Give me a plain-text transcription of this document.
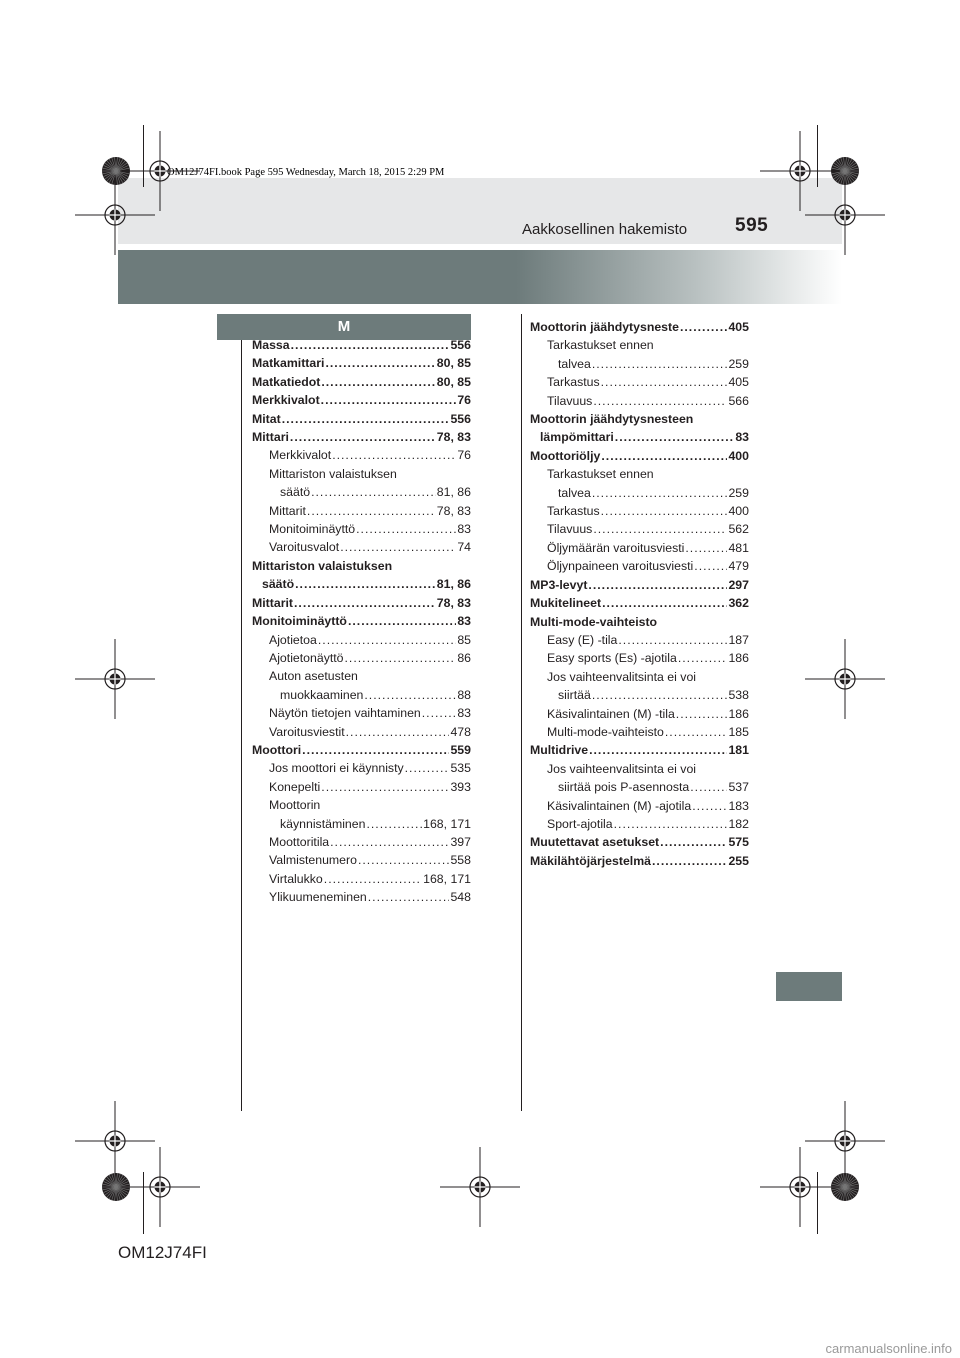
OM12J74FI.book Page 595 Wednesday, March 18, 2015 2:29 PM
Aakkosellinen hakemisto	595
M
Massa .....	556
Matkamittari .....	80, 85
Matkatiedot .....	80, 85
Merkkivalot .....	76
Mitat .....	556
Mittari .....	78, 83
Merkkivalot .....	76
Mittariston valaistuksen
säätö .....	81, 86
Mittarit .....	78, 83
Monitoiminäyttö .....	83
Varoitusvalot .....	74
Mittariston valaistuksen
säätö .....	81, 86
Mittarit .....	78, 83
Monitoiminäyttö .....	83
Ajotietoa .....	85
Ajotietonäyttö .....	86
Auton asetusten
muokkaaminen .....	88
Näytön tietojen vaihtaminen .....	83
Varoitusviestit .....	478
Moottori .....	559
Jos moottori ei käynnisty .....	535
Konepelti .....	393
Moottorin
käynnistäminen .....	168, 171
Moottoritila .....	397
Valmistenumero .....	558
Virtalukko .....	168, 171
Ylikuumeneminen .....	548
Moottorin jäähdytysneste .....	405
Tarkastukset ennen
talvea .....	259
Tarkastus .....	405
Tilavuus .....	566
Moottorin jäähdytysnesteen
lämpömittari .....	83
Moottoriöljy .....	400
Tarkastukset ennen
talvea .....	259
Tarkastus .....	400
Tilavuus .....	562
Öljymäärän varoitusviesti .....	481
Öljynpaineen varoitusviesti .....	479
MP3-levyt .....	297
Mukitelineet .....	362
Multi-mode-vaihteisto
Easy (E) -tila .....	187
Easy sports (Es) -ajotila .....	186
Jos vaihteenvalitsinta ei voi
siirtää .....	538
Käsivalintainen (M) -tila .....	186
Multi-mode-vaihteisto .....	185
Multidrive .....	181
Jos vaihteenvalitsinta ei voi
siirtää pois P-asennosta .....	537
Käsivalintainen (M) -ajotila .....	183
Sport-ajotila .....	182
Muutettavat asetukset .....	575
Mäkilähtöjärjestelmä .....	255
OM12J74FI
carmanualsonline.info
